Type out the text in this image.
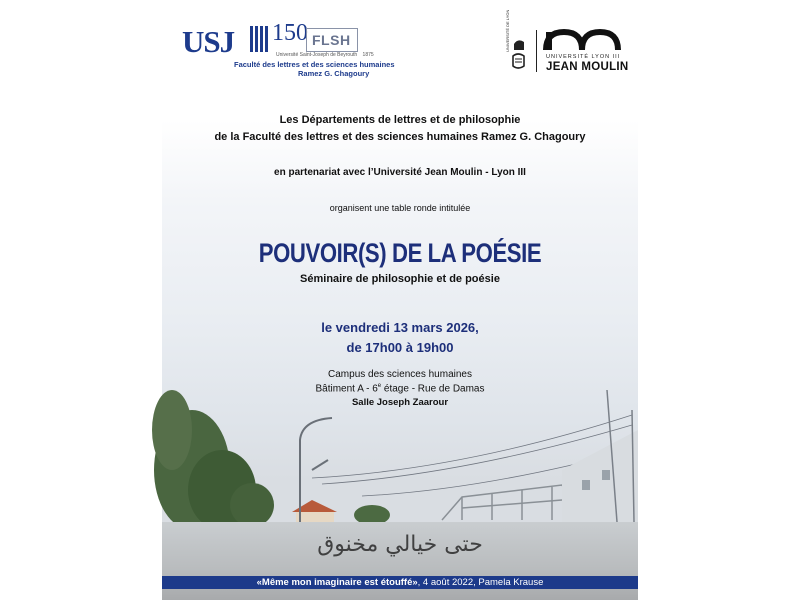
USJ 150 FLSH
Université Saint-Joseph de Beyrouth 1875
Faculté des lettres et des sciences humaines
Ramez G. Chagoury
UNIVERSITÉ DE LYON
UNIVERSITÉ LYON III
JEAN MOULIN
حتى خيالي مخنوق
Les Départements de lettres et de philosophie
de la Faculté des lettres et des sciences humaines Ramez G. Chagoury
en partenariat avec l’Université Jean Moulin - Lyon III
organisent une table ronde intitulée
POUVOIR(S) DE LA POÉSIE
Séminaire de philosophie et de poésie
le vendredi 13 mars 2026,
de 17h00 à 19h00
Campus des sciences humaines
Bâtiment A - 6e étage - Rue de Damas
Salle Joseph Zaarour
«Même mon imaginaire est étouffé», 4 août 2022, Pamela Krause
